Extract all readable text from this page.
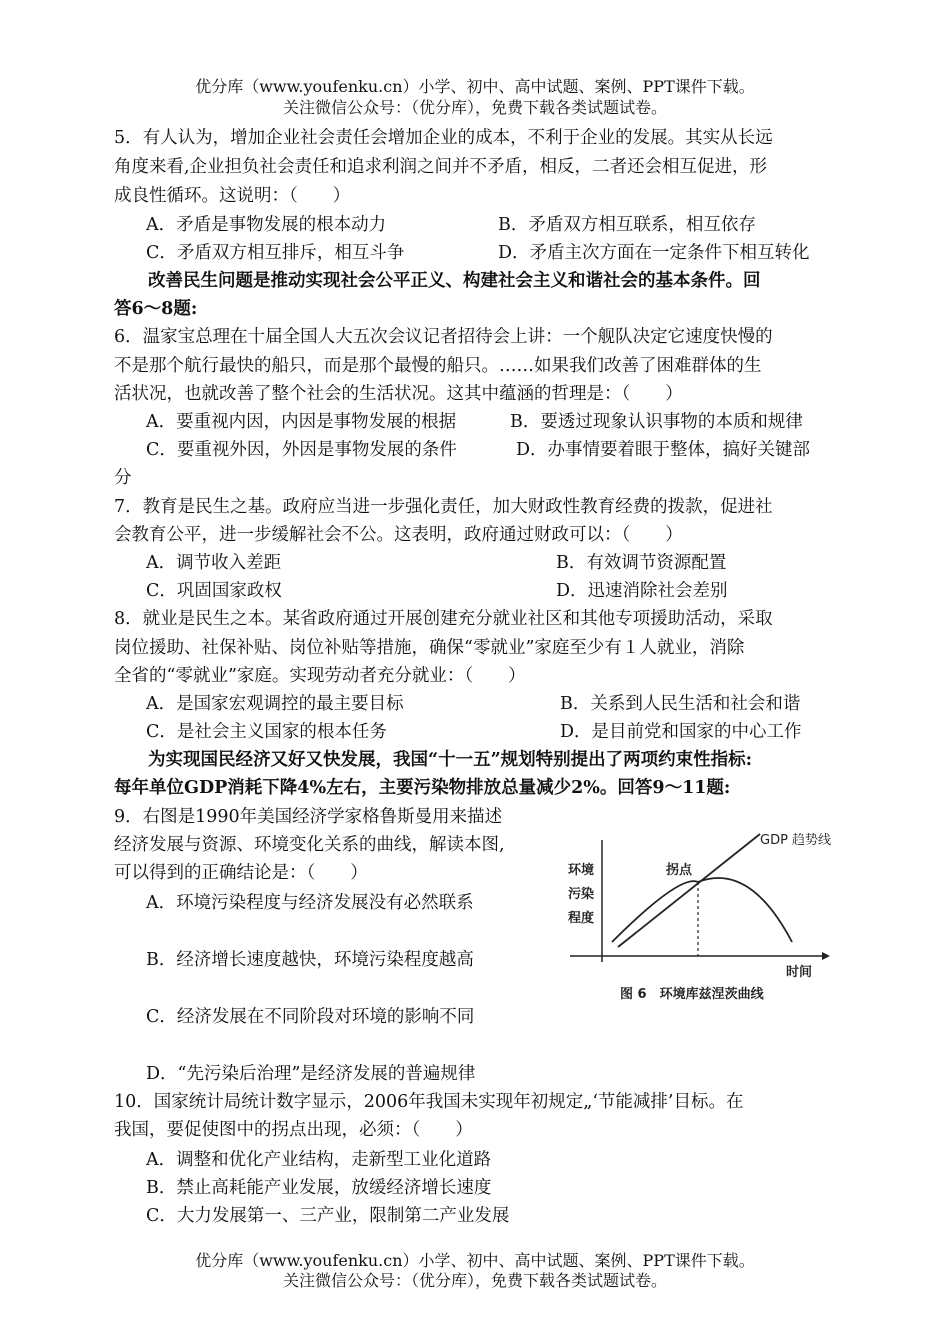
优分库（www.youfenku.cn）小学、初中、高中试题、案例、PPT课件下载。
关注微信公众号：（优分库），免费下载各类试题试卷。
5．有人认为，增加企业社会责任会增加企业的成本，不利于企业的发展。其实从长远
角度来看,企业担负社会责任和追求利润之间并不矛盾，相反，二者还会相互促进，形
成良性循环。这说明：（　　）
A．矛盾是事物发展的根本动力	B．矛盾双方相互联系，相互依存
C．矛盾双方相互排斥，相互斗争	D．矛盾主次方面在一定条件下相互转化
改善民生问题是推动实现社会公平正义、构建社会主义和谐社会的基本条件。回
答6～8题:
6．温家宝总理在十届全国人大五次会议记者招待会上讲：一个舰队决定它速度快慢的
不是那个航行最快的船只，而是那个最慢的船只。……如果我们改善了困难群体的生
活状况，也就改善了整个社会的生活状况。这其中蕴涵的哲理是：（　　）
A．要重视内因，内因是事物发展的根据	B．要透过现象认识事物的本质和规律
C．要重视外因，外因是事物发展的条件	D．办事情要着眼于整体，搞好关键部
分
7．教育是民生之基。政府应当进一步强化责任，加大财政性教育经费的拨款，促进社
会教育公平，进一步缓解社会不公。这表明，政府通过财政可以：（　　）
A．调节收入差距	B．有效调节资源配置
C．巩固国家政权	D．迅速消除社会差别
8．就业是民生之本。某省政府通过开展创建充分就业社区和其他专项援助活动，采取
岗位援助、社保补贴、岗位补贴等措施，确保“零就业”家庭至少有１人就业，消除
全省的“零就业”家庭。实现劳动者充分就业：（　　）
A．是国家宏观调控的最主要目标	B．关系到人民生活和社会和谐
C．是社会主义国家的根本任务	D．是目前党和国家的中心工作
为实现国民经济又好又快发展，我国“十一五”规划特别提出了两项约束性指标:
每年单位GDP消耗下降4%左右，主要污染物排放总量减少2%。回答9～11题:
9．右图是1990年美国经济学家格鲁斯曼用来描述
经济发展与资源、环境变化关系的曲线，解读本图,
可以得到的正确结论是：（　　）
A．环境污染程度与经济发展没有必然联系
B．经济增长速度越快，环境污染程度越高
C．经济发展在不同阶段对环境的影响不同
D．“先污染后治理”是经济发展的普遍规律
GDP 趋势线
拐点
环境
污染
程度
时间
图 6　环境库兹涅茨曲线
10．国家统计局统计数字显示，2006年我国未实现年初规定„‘节能减排’目标。在
我国，要促使图中的拐点出现，必须：（　　）
A．调整和优化产业结构，走新型工业化道路
B．禁止高耗能产业发展，放缓经济增长速度
C．大力发展第一、三产业，限制第二产业发展
优分库（www.youfenku.cn）小学、初中、高中试题、案例、PPT课件下载。
关注微信公众号：（优分库），免费下载各类试题试卷。
